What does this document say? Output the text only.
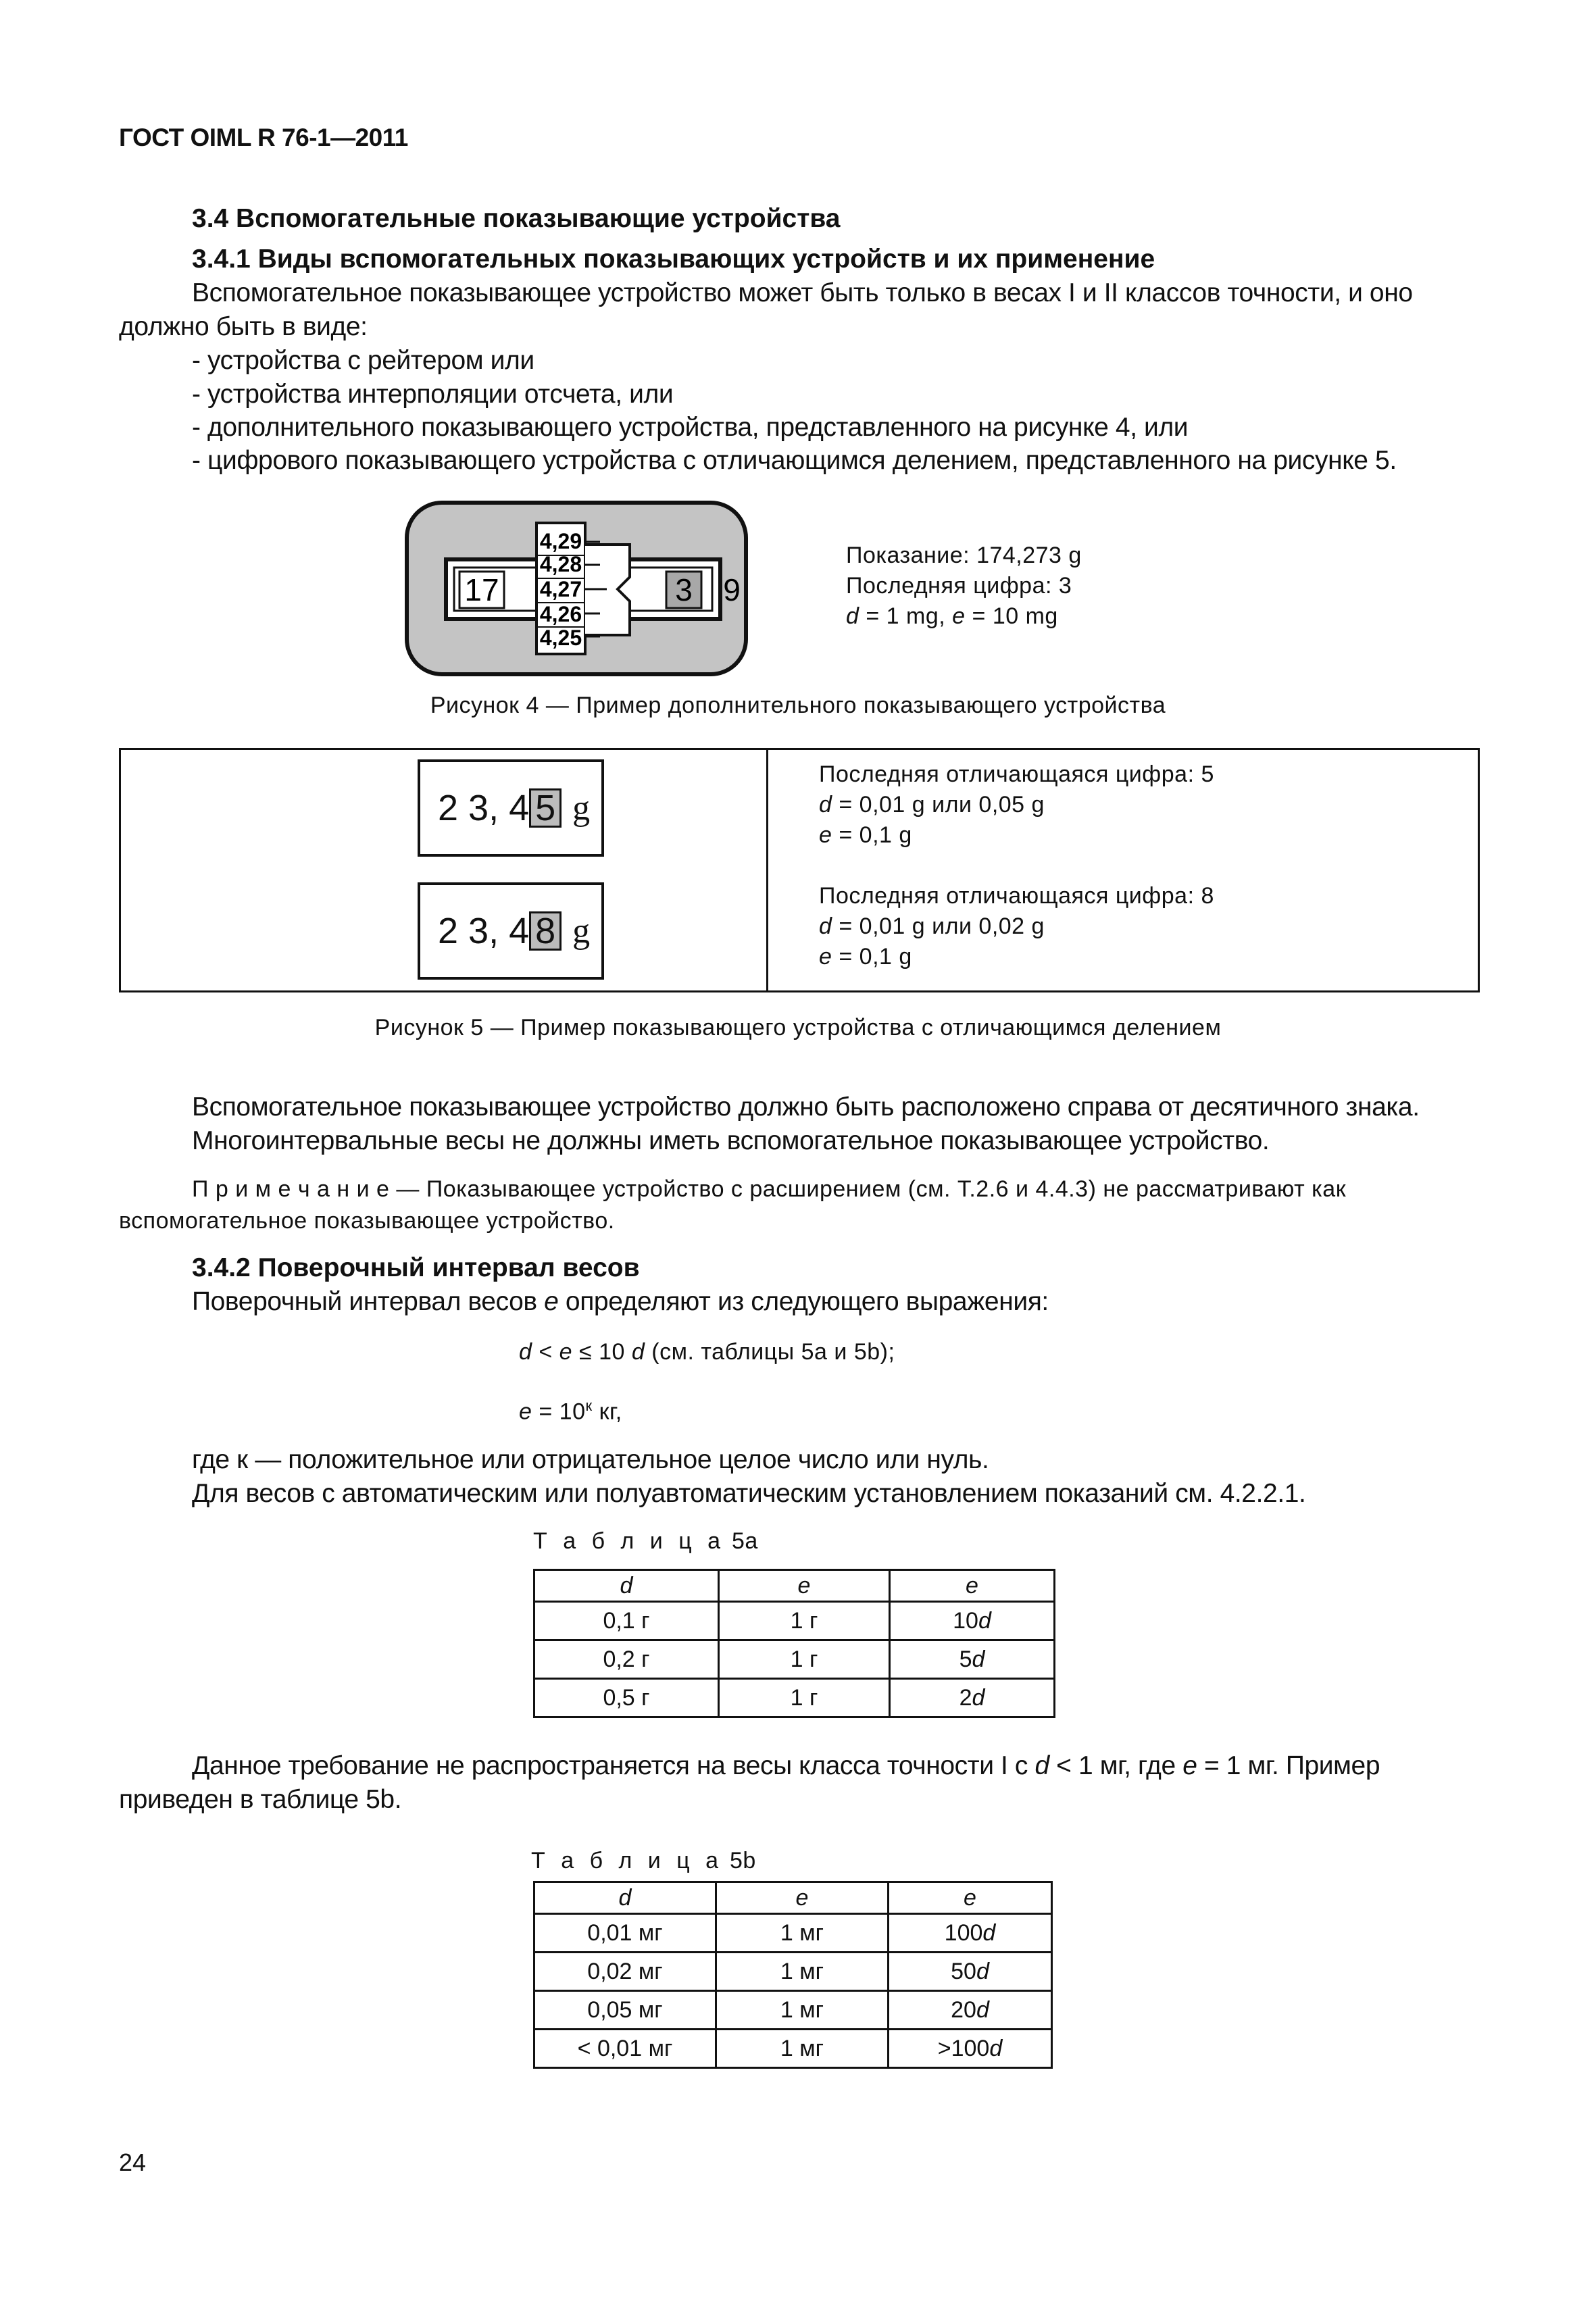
ГОСТ OIML R 76-1—2011
3.4 Вспомогательные показывающие устройства
3.4.1 Виды вспомогательных показывающих устройств и их применение
Вспомогательное показывающее устройство может быть только в весах I и II классов точности, и оно
должно быть в виде:
- устройства с рейтером или
- устройства интерполяции отсчета, или
- дополнительного показывающего устройства, представленного на рисунке 4, или
- цифрового показывающего устройства с отличающимся делением, представленного на рисунке 5.
17
4,29
4,28
4,27
4,26
4,25
3 9
Показание: 174,273 g
Последняя цифра: 3
d = 1 mg, e = 10 mg
Рисунок 4 — Пример дополнительного показывающего устройства
2 3, 4 5 g
2 3, 4 8 g
Последняя отличающаяся цифра: 5
d = 0,01 g или 0,05 g
e = 0,1 g
Последняя отличающаяся цифра: 8
d = 0,01 g или 0,02 g
e = 0,1 g
Рисунок 5 — Пример показывающего устройства с отличающимся делением
Вспомогательное показывающее устройство должно быть расположено справа от десятичного знака.
Многоинтервальные весы не должны иметь вспомогательное показывающее устройство.
П р и м е ч а н и е — Показывающее устройство с расширением (см. Т.2.6 и 4.4.3) не рассматривают как
вспомогательное показывающее устройство.
3.4.2 Поверочный интервал весов
Поверочный интервал весов e определяют из следующего выражения:
d < e ≤ 10 d (см. таблицы 5a и 5b);
$e = 10^к$ кг,
где к — положительное или отрицательное целое число или нуль.
Для весов с автоматическим или полуавтоматическим установлением показаний см. 4.2.2.1.
Т а б л и ц а 5a
d	e	e
0,1 г	1 г	10d
0,2 г	1 г	5d
0,5 г	1 г	2d
Данное требование не распространяется на весы класса точности I с d < 1 мг, где e = 1 мг. Пример
приведен в таблице 5b.
Т а б л и ц а 5b
d	e	e
0,01 мг	1 мг	100d
0,02 мг	1 мг	50d
0,05 мг	1 мг	20d
< 0,01 мг	1 мг	>100d
24
